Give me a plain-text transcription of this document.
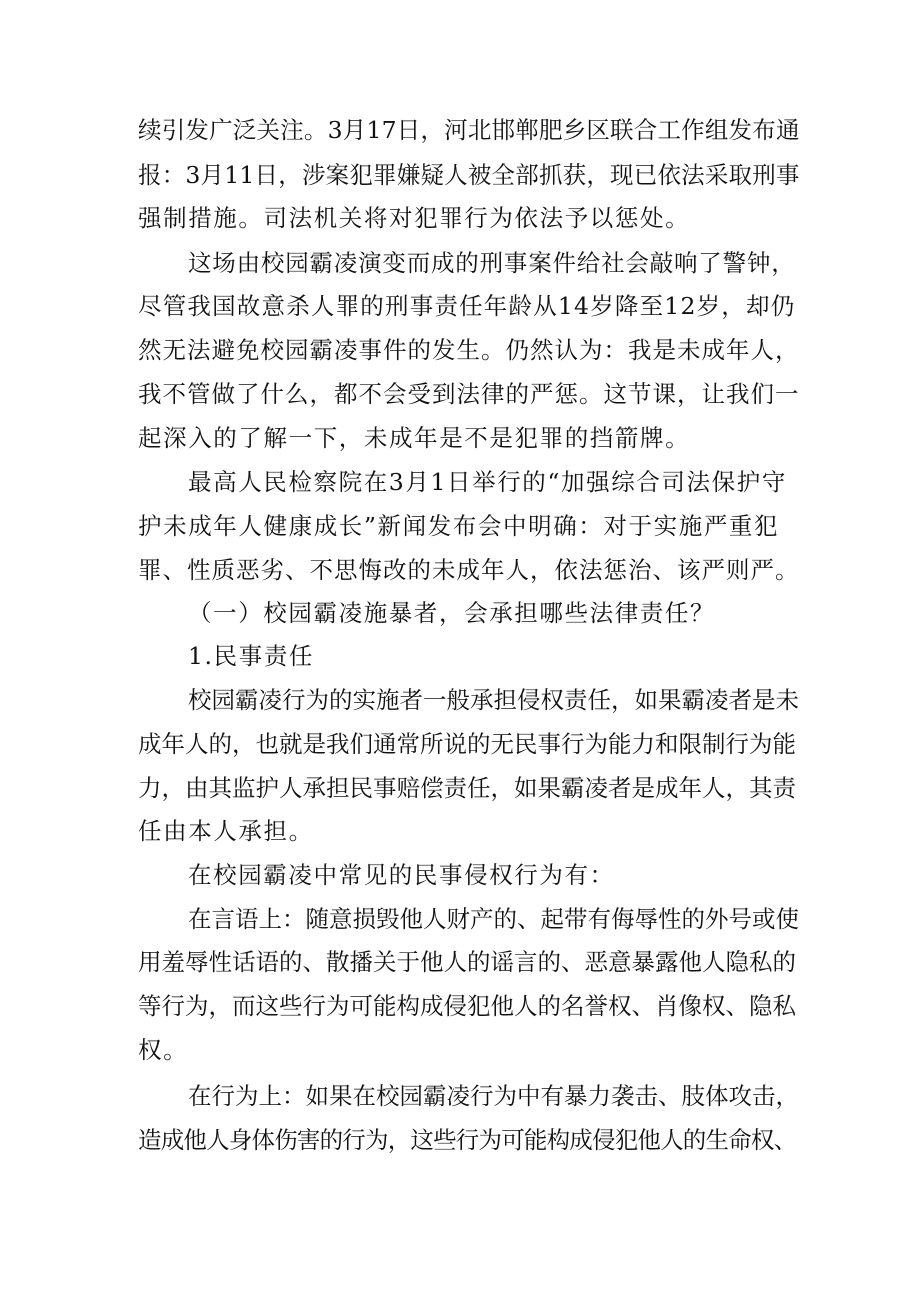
续引发广泛关注。3月17日，河北邯郸肥乡区联合工作组发布通
报：3月11日，涉案犯罪嫌疑人被全部抓获，现已依法采取刑事
强制措施。司法机关将对犯罪行为依法予以惩处。
这场由校园霸凌演变而成的刑事案件给社会敲响了警钟，
尽管我国故意杀人罪的刑事责任年龄从14岁降至12岁，却仍
然无法避免校园霸凌事件的发生。仍然认为：我是未成年人，
我不管做了什么，都不会受到法律的严惩。这节课，让我们一
起深入的了解一下，未成年是不是犯罪的挡箭牌。
最高人民检察院在3月1日举行的“加强综合司法保护守
护未成年人健康成长”新闻发布会中明确：对于实施严重犯
罪、性质恶劣、不思悔改的未成年人，依法惩治、该严则严。
（一）校园霸凌施暴者，会承担哪些法律责任？
1.民事责任
校园霸凌行为的实施者一般承担侵权责任，如果霸凌者是未
成年人的，也就是我们通常所说的无民事行为能力和限制行为能
力，由其监护人承担民事赔偿责任，如果霸凌者是成年人，其责
任由本人承担。
在校园霸凌中常见的民事侵权行为有：
在言语上：随意损毁他人财产的、起带有侮辱性的外号或使
用羞辱性话语的、散播关于他人的谣言的、恶意暴露他人隐私的
等行为，而这些行为可能构成侵犯他人的名誉权、肖像权、隐私
权。
在行为上：如果在校园霸凌行为中有暴力袭击、肢体攻击，
造成他人身体伤害的行为，这些行为可能构成侵犯他人的生命权、
